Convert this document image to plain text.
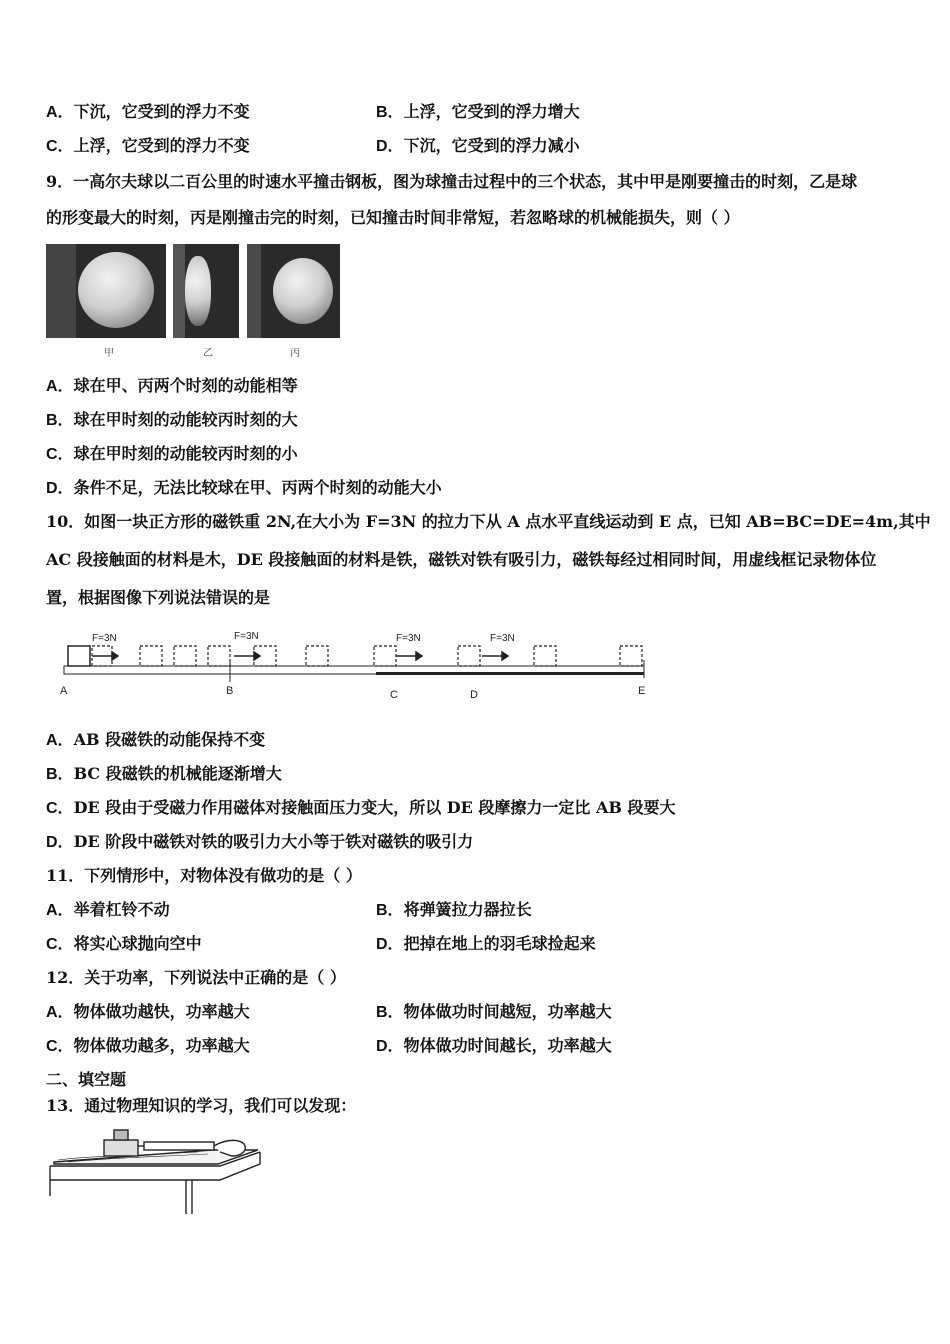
A．下沉，它受到的浮力不变	B．上浮，它受到的浮力增大
C．上浮，它受到的浮力不变	D．下沉，它受到的浮力减小
9．一高尔夫球以二百公里的时速水平撞击钢板，图为球撞击过程中的三个状态，其中甲是刚要撞击的时刻，乙是球
的形变最大的时刻，丙是刚撞击完的时刻，已知撞击时间非常短，若忽略球的机械能损失，则（ ）
甲	乙	丙
A．球在甲、丙两个时刻的动能相等
B．球在甲时刻的动能较丙时刻的大
C．球在甲时刻的动能较丙时刻的小
D．条件不足，无法比较球在甲、丙两个时刻的动能大小
10．如图一块正方形的磁铁重 2N,在大小为 F=3N 的拉力下从 A 点水平直线运动到 E 点，已知 AB=BC=DE=4m,其中
AC 段接触面的材料是木，DE 段接触面的材料是铁，磁铁对铁有吸引力，磁铁每经过相同时间，用虚线框记录物体位
置，根据图像下列说法错误的是
F=3N	F=3N	F=3N	F=3N
A	B	C	D	E
A．AB 段磁铁的动能保持不变
B．BC 段磁铁的机械能逐渐增大
C．DE 段由于受磁力作用磁体对接触面压力变大，所以 DE 段摩擦力一定比 AB 段要大
D．DE 阶段中磁铁对铁的吸引力大小等于铁对磁铁的吸引力
11．下列情形中，对物体没有做功的是（ ）
A．举着杠铃不动	B．将弹簧拉力器拉长
C．将实心球抛向空中	D．把掉在地上的羽毛球捡起来
12．关于功率，下列说法中正确的是（ ）
A．物体做功越快，功率越大	B．物体做功时间越短，功率越大
C．物体做功越多，功率越大	D．物体做功时间越长，功率越大
二、填空题
13．通过物理知识的学习，我们可以发现：
